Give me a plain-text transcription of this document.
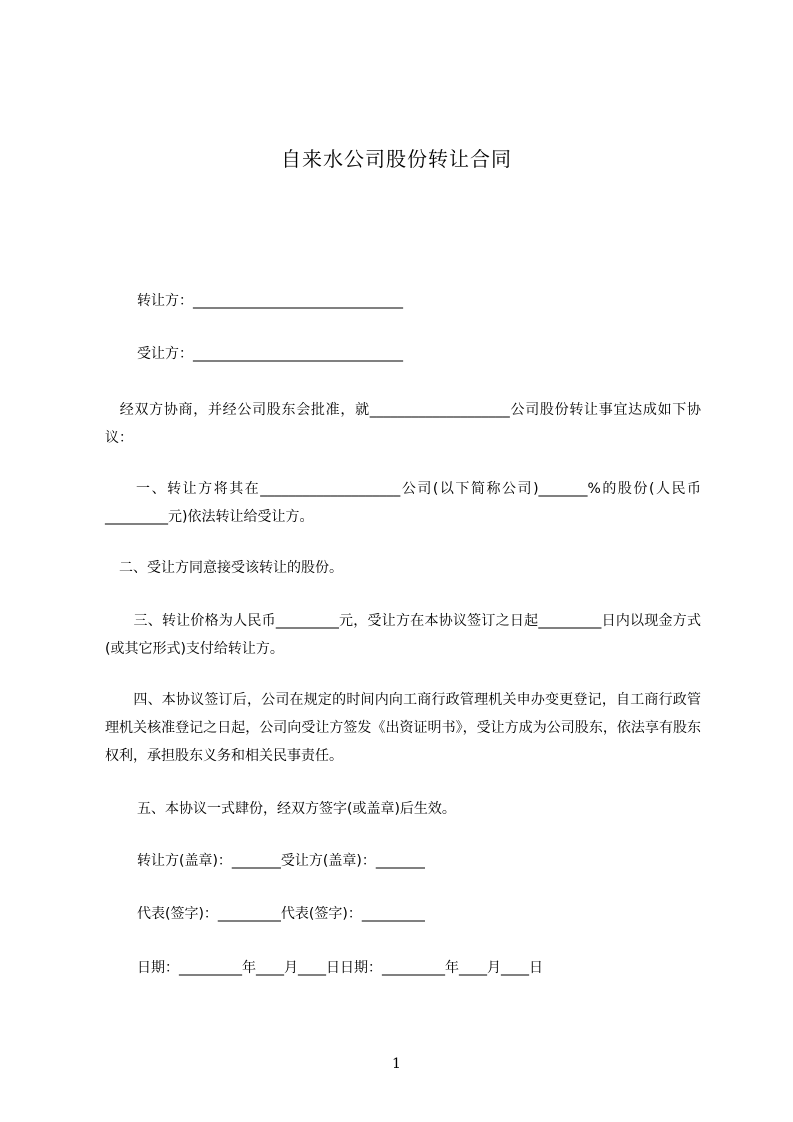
自来水公司股份转让合同

转让方：______________________________

受让方：______________________________

　经双方协商，并经公司股东会批准，就____________________公司股份转让事宜达成如下协议：

　　一、转让方将其在____________________公司(以下简称公司)_______%的股份(人民币_________元)依法转让给受让方。

　二、受让方同意接受该转让的股份。

　　三、转让价格为人民币_________元，受让方在本协议签订之日起_________日内以现金方式(或其它形式)支付给转让方。

　　四、本协议签订后，公司在规定的时间内向工商行政管理机关申办变更登记，自工商行政管理机关核准登记之日起，公司向受让方签发《出资证明书》，受让方成为公司股东，依法享有股东权利，承担股东义务和相关民事责任。

五、本协议一式肆份，经双方签字(或盖章)后生效。

转让方(盖章)：_______受让方(盖章)：_______

代表(签字)：_________代表(签字)：_________

日期：_________年____月____日日期：_________年____月____日

1
